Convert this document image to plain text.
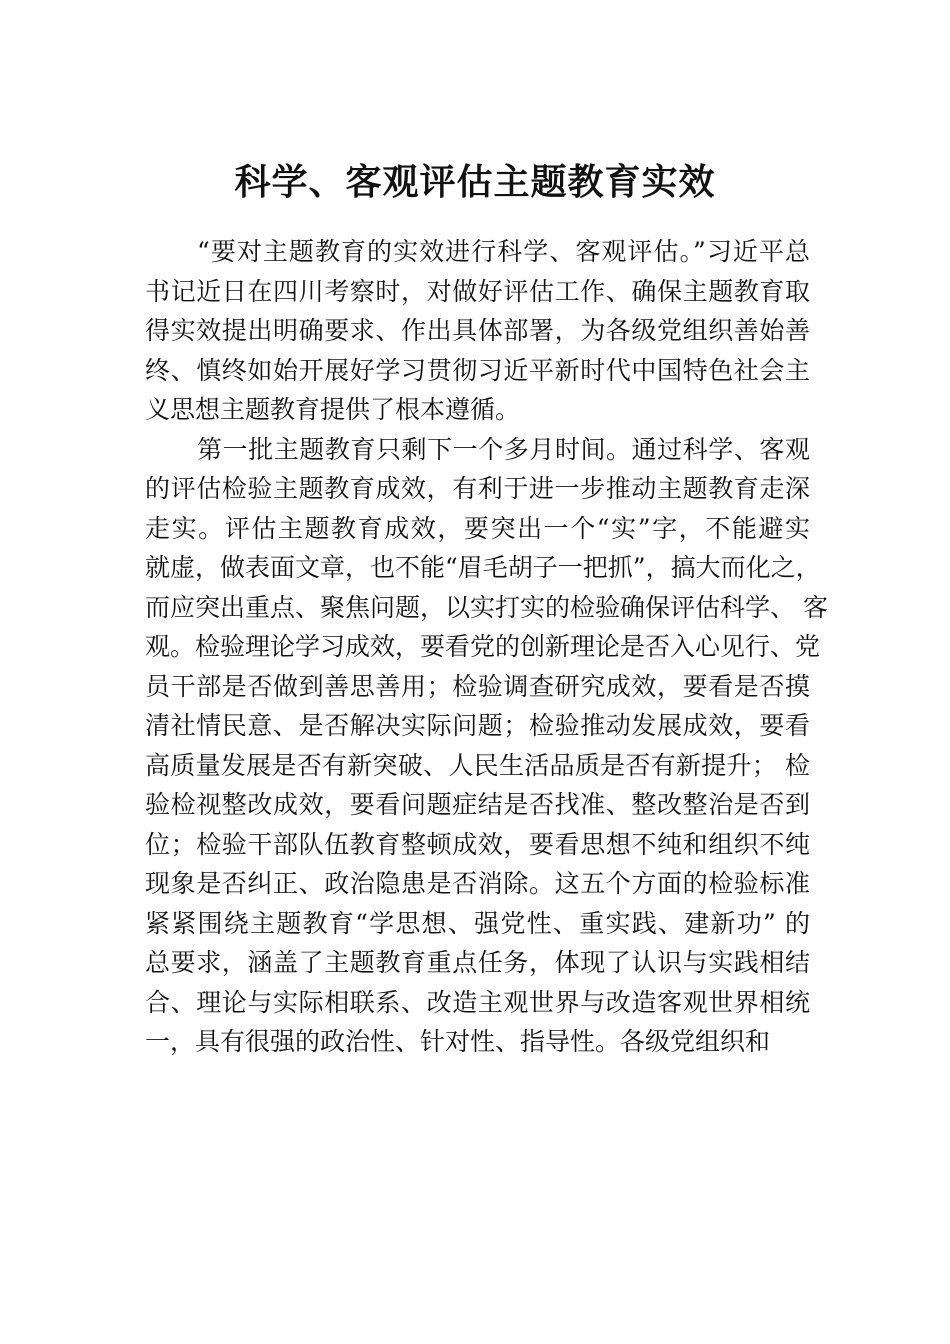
科学、客观评估主题教育实效

“要对主题教育的实效进行科学、客观评估。”习近平总
书记近日在四川考察时，对做好评估工作、确保主题教育取
得实效提出明确要求、作出具体部署，为各级党组织善始善
终、慎终如始开展好学习贯彻习近平新时代中国特色社会主
义思想主题教育提供了根本遵循。

第一批主题教育只剩下一个多月时间。通过科学、客观
的评估检验主题教育成效，有利于进一步推动主题教育走深
走实。评估主题教育成效，要突出一个“实”字，不能避实
就虚，做表面文章，也不能“眉毛胡子一把抓”，搞大而化之，
而应突出重点、聚焦问题，以实打实的检验确保评估科学、 客
观。检验理论学习成效，要看党的创新理论是否入心见行、党
员干部是否做到善思善用；检验调查研究成效，要看是否摸
清社情民意、是否解决实际问题；检验推动发展成效，要看
高质量发展是否有新突破、人民生活品质是否有新提升； 检
验检视整改成效，要看问题症结是否找准、整改整治是否到
位；检验干部队伍教育整顿成效，要看思想不纯和组织不纯
现象是否纠正、政治隐患是否消除。这五个方面的检验标准
紧紧围绕主题教育“学思想、强党性、重实践、建新功” 的
总要求，涵盖了主题教育重点任务，体现了认识与实践相结
合、理论与实际相联系、改造主观世界与改造客观世界相统
一，具有很强的政治性、针对性、指导性。各级党组织和
